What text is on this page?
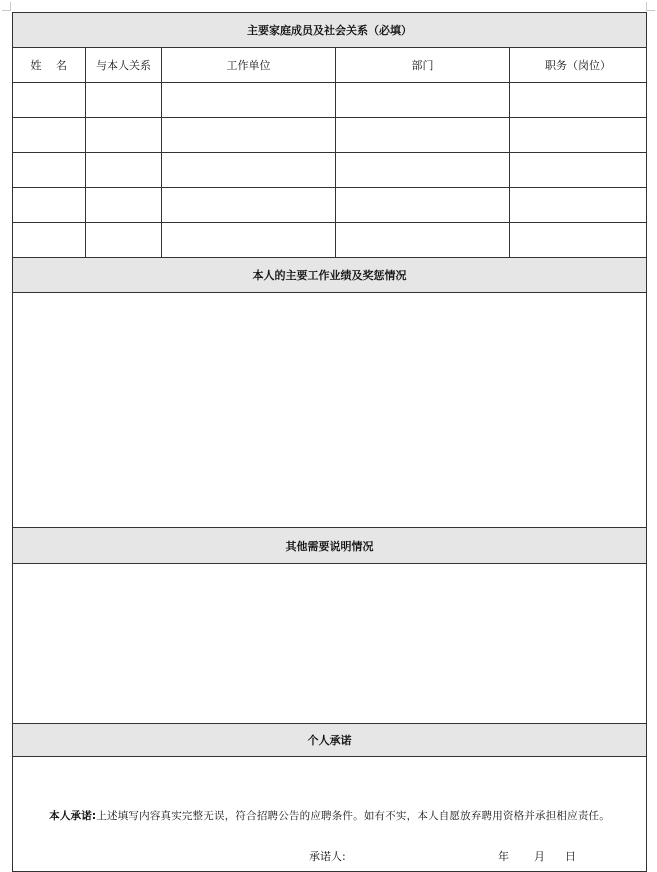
主要家庭成员及社会关系（必填）				
姓 名	与本人关系	工作单位	部门	职务（岗位）

本人的主要工作业绩及奖惩情况				

其他需要说明情况				

个人承诺				

本人承诺:上述填写内容真实完整无误，符合招聘公告的应聘条件。如有不实，本人自愿放弃聘用资格并承担相应责任。
承诺人: 年 月 日				
